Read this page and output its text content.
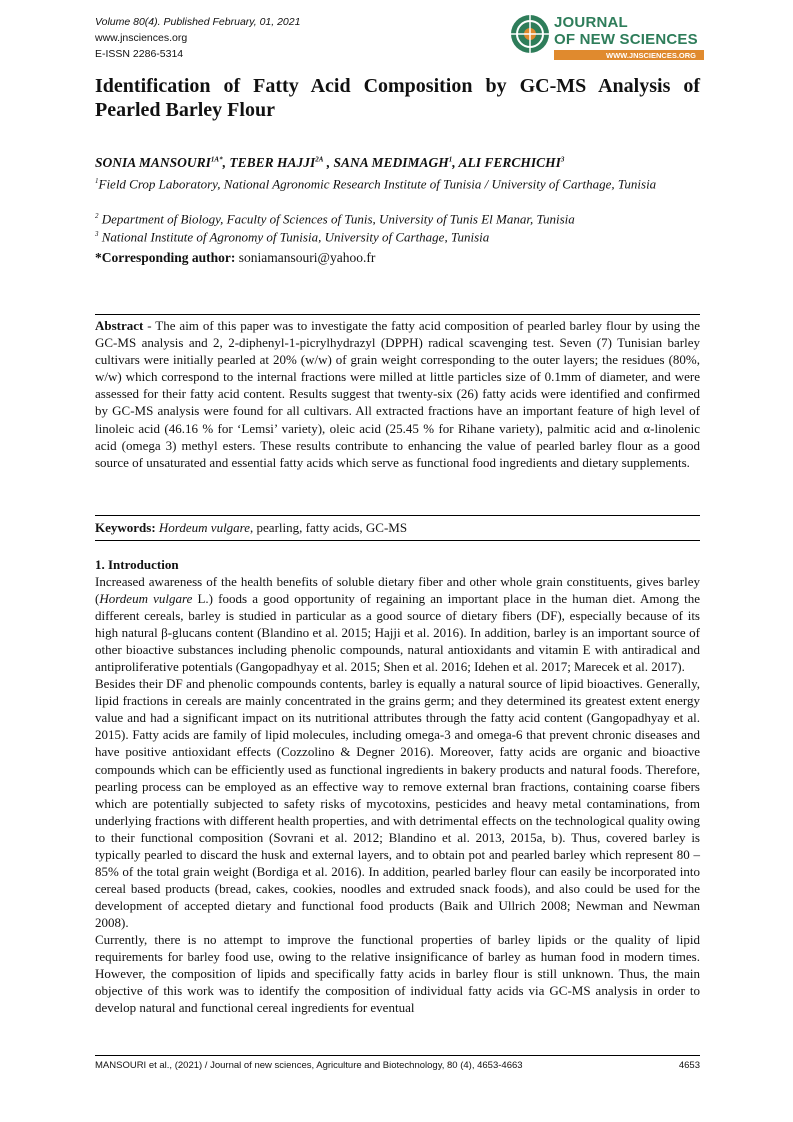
Volume 80(4). Published February, 01, 2021
www.jnsciences.org
E-ISSN 2286-5314
JOURNAL
OF NEW SCIENCES
WWW.JNSCIENCES.ORG
Identification of Fatty Acid Composition by GC-MS Analysis of Pearled Barley Flour
SONIA $MANSOURI^{1A*}$, TEBER $HAJJI^{2A}$ , SANA MEDIMAGH$^1$, ALI FERCHICHI$^3$
$^1$Field Crop Laboratory, National Agronomic Research Institute of Tunisia / University of Carthage, Tunisia
$^2$ Department of Biology, Faculty of Sciences of Tunis, University of Tunis El Manar, Tunisia
$^3$ National Institute of Agronomy of Tunisia, University of Carthage, Tunisia
*Corresponding author: soniamansouri@yahoo.fr
Abstract - The aim of this paper was to investigate the fatty acid composition of pearled barley flour by using the GC-MS analysis and 2, 2-diphenyl-1-picrylhydrazyl (DPPH) radical scavenging test. Seven (7) Tunisian barley cultivars were initially pearled at 20% (w/w) of grain weight corresponding to the outer layers; the residues (80%, w/w) which correspond to the internal fractions were milled at little particles size of 0.1mm of diameter, and were assessed for their fatty acid content. Results suggest that twenty-six (26) fatty acids were identified and confirmed by GC-MS analysis were found for all cultivars. All extracted fractions have an important feature of high level of linoleic acid (46.16 % for ‘Lemsi’ variety), oleic acid (25.45 % for Rihane variety), palmitic acid and α-linolenic acid (omega 3) methyl esters. These results contribute to enhancing the value of pearled barley flour as a good source of unsaturated and essential fatty acids which serve as functional food ingredients and dietary supplements.
Keywords: Hordeum vulgare, pearling, fatty acids, GC-MS
1. Introduction

Increased awareness of the health benefits of soluble dietary fiber and other whole grain constituents, gives barley (Hordeum vulgare L.) foods a good opportunity of regaining an important place in the human diet. Among the different cereals, barley is studied in particular as a good source of dietary fibers (DF), especially because of its high natural β-glucans content (Blandino et al. 2015; Hajji et al. 2016). In addition, barley is an important source of other bioactive substances including phenolic compounds, natural antioxidants and vitamin E with antiradical and antiproliferative potentials (Gangopadhyay et al. 2015; Shen et al. 2016; Idehen et al. 2017; Marecek et al. 2017).

Besides their DF and phenolic compounds contents, barley is equally a natural source of lipid bioactives. Generally, lipid fractions in cereals are mainly concentrated in the grains germ; and they determined its greatest extent energy value and had a significant impact on its nutritional attributes through the fatty acid content (Gangopadhyay et al. 2015). Fatty acids are family of lipid molecules, including omega-3 and omega-6 that prevent chronic diseases and have positive antioxidant effects (Cozzolino & Degner 2016). Moreover, fatty acids are organic and bioactive compounds which can be efficiently used as functional ingredients in bakery products and natural foods. Therefore, pearling process can be employed as an effective way to remove external bran fractions, containing coarse fibers which are potentially subjected to safety risks of mycotoxins, pesticides and heavy metal contaminations, from underlying fractions with different health properties, and with detrimental effects on the technological quality owing to their functional composition (Sovrani et al. 2012; Blandino et al. 2013, 2015a, b). Thus, covered barley is typically pearled to discard the husk and external layers, and to obtain pot and pearled barley which represent 80 – 85% of the total grain weight (Bordiga et al. 2016). In addition, pearled barley flour can easily be incorporated into cereal based products (bread, cakes, cookies, noodles and extruded snack foods), and also could be used for the development of accepted dietary and functional food products (Baik and Ullrich 2008; Newman and Newman 2008).

Currently, there is no attempt to improve the functional properties of barley lipids or the quality of lipid requirements for barley food use, owing to the relative insignificance of barley as human food in modern times. However, the composition of lipids and specifically fatty acids in barley flour is still unknown. Thus, the main objective of this work was to identify the composition of individual fatty acids via GC-MS analysis in order to develop natural and functional cereal ingredients for eventual

MANSOURI et al., (2021) / Journal of new sciences, Agriculture and Biotechnology, 80 (4), 4653-4663	4653
